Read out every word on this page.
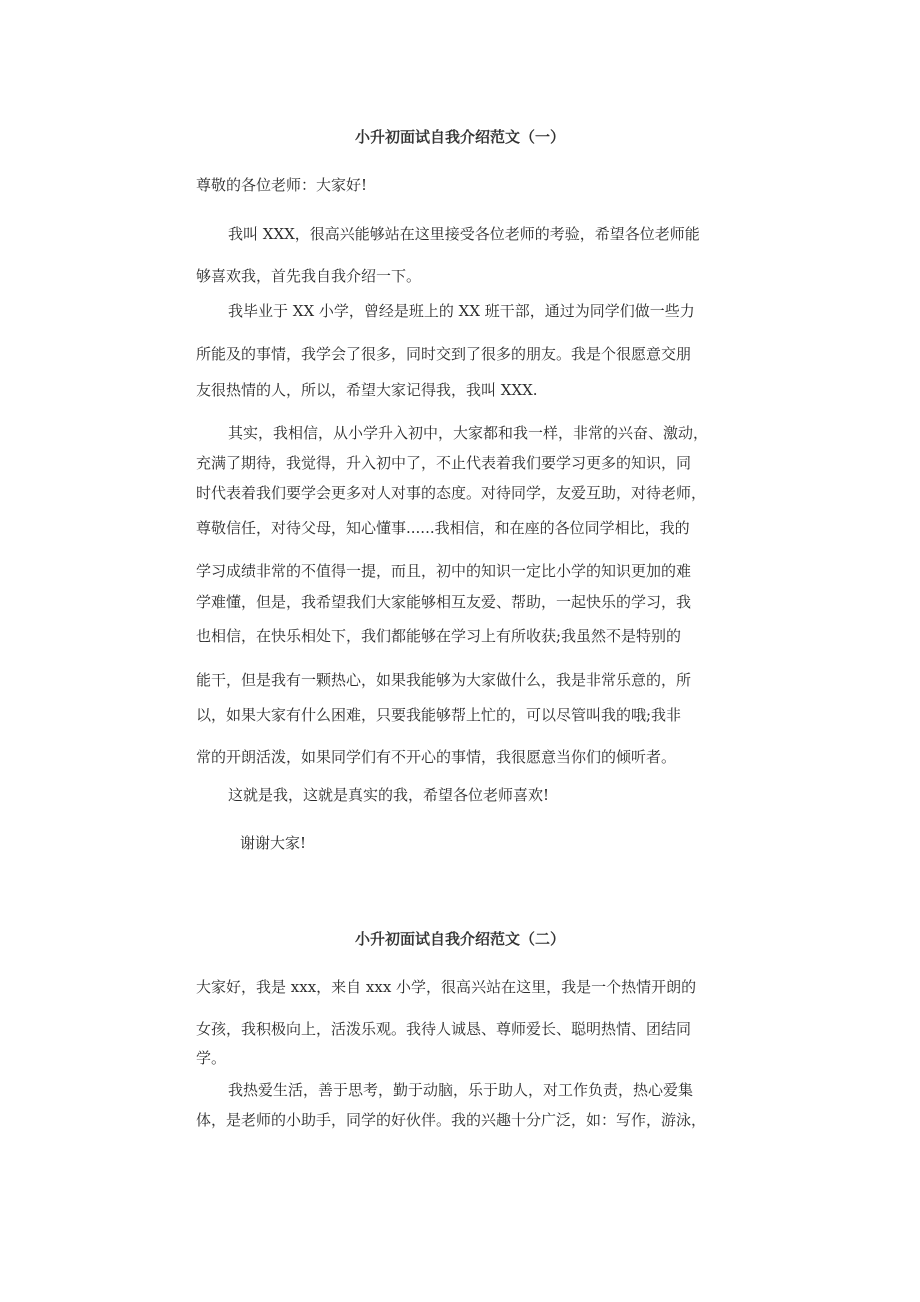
小升初面试自我介绍范文（一）
尊敬的各位老师：大家好!
我叫 XXX，很高兴能够站在这里接受各位老师的考验，希望各位老师能
够喜欢我，首先我自我介绍一下。
我毕业于 XX 小学，曾经是班上的 XX 班干部，通过为同学们做一些力
所能及的事情，我学会了很多，同时交到了很多的朋友。我是个很愿意交朋
友很热情的人，所以，希望大家记得我，我叫 XXX.
其实，我相信，从小学升入初中，大家都和我一样，非常的兴奋、激动，
充满了期待，我觉得，升入初中了，不止代表着我们要学习更多的知识，同
时代表着我们要学会更多对人对事的态度。对待同学，友爱互助，对待老师，
尊敬信任，对待父母，知心懂事......我相信，和在座的各位同学相比，我的
学习成绩非常的不值得一提，而且，初中的知识一定比小学的知识更加的难
学难懂，但是，我希望我们大家能够相互友爱、帮助，一起快乐的学习，我
也相信，在快乐相处下，我们都能够在学习上有所收获;我虽然不是特别的
能干，但是我有一颗热心，如果我能够为大家做什么，我是非常乐意的，所
以，如果大家有什么困难，只要我能够帮上忙的，可以尽管叫我的哦;我非
常的开朗活泼，如果同学们有不开心的事情，我很愿意当你们的倾听者。
这就是我，这就是真实的我，希望各位老师喜欢!
谢谢大家!
小升初面试自我介绍范文（二）
大家好，我是 xxx，来自 xxx 小学，很高兴站在这里，我是一个热情开朗的
女孩，我积极向上，活泼乐观。我待人诚恳、尊师爱长、聪明热情、团结同
学。
我热爱生活，善于思考，勤于动脑，乐于助人，对工作负责，热心爱集
体，是老师的小助手，同学的好伙伴。我的兴趣十分广泛，如：写作，游泳，
